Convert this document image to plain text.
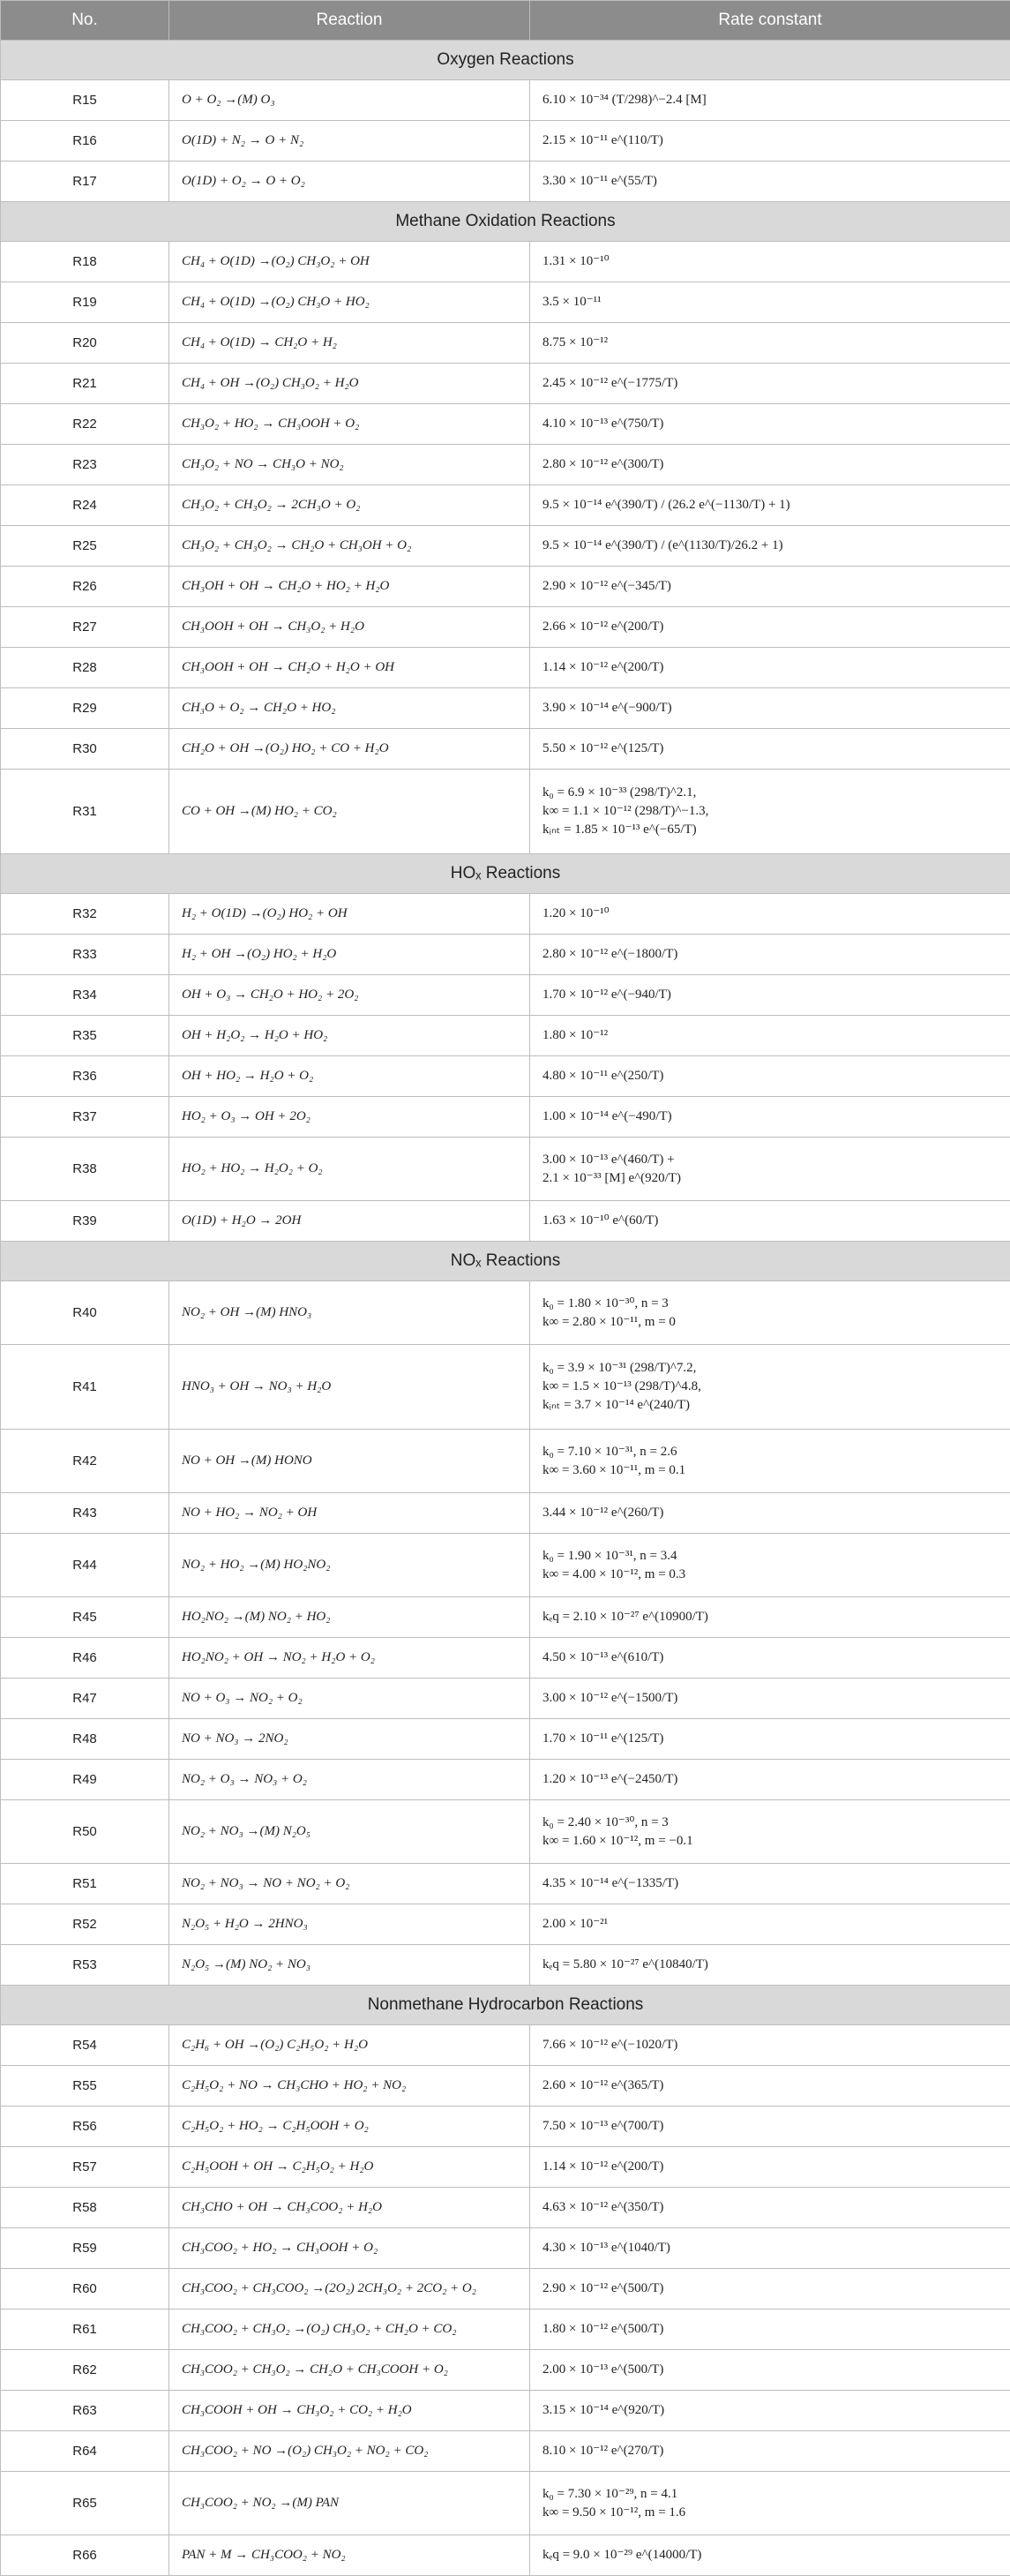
No.	Reaction	Rate constant
Oxygen Reactions		
R15	O + O₂ →(M) O₃	6.10 × 10⁻³⁴ (T/298)^−2.4 [M]

R16	O(1D) + N₂ → O + N₂	2.15 × 10⁻¹¹ e^(110/T)

R17	O(1D) + O₂ → O + O₂	3.30 × 10⁻¹¹ e^(55/T)

Methane Oxidation Reactions		
R18	CH₄ + O(1D) →(O₂) CH₃O₂ + OH	1.31 × 10⁻¹⁰

R19	CH₄ + O(1D) →(O₂) CH₃O + HO₂	3.5 × 10⁻¹¹

R20	CH₄ + O(1D) → CH₂O + H₂	8.75 × 10⁻¹²

R21	CH₄ + OH →(O₂) CH₃O₂ + H₂O	2.45 × 10⁻¹² e^(−1775/T)

R22	CH₃O₂ + HO₂ → CH₃OOH + O₂	4.10 × 10⁻¹³ e^(750/T)

R23	CH₃O₂ + NO → CH₃O + NO₂	2.80 × 10⁻¹² e^(300/T)

R24	CH₃O₂ + CH₃O₂ → 2CH₃O + O₂	9.5 × 10⁻¹⁴ e^(390/T) / (26.2 e^(−1130/T) + 1)

R25	CH₃O₂ + CH₃O₂ → CH₂O + CH₃OH + O₂	9.5 × 10⁻¹⁴ e^(390/T) / (e^(1130/T)/26.2 + 1)

R26	CH₃OH + OH → CH₂O + HO₂ + H₂O	2.90 × 10⁻¹² e^(−345/T)

R27	CH₃OOH + OH → CH₃O₂ + H₂O	2.66 × 10⁻¹² e^(200/T)

R28	CH₃OOH + OH → CH₂O + H₂O + OH	1.14 × 10⁻¹² e^(200/T)

R29	CH₃O + O₂ → CH₂O + HO₂	3.90 × 10⁻¹⁴ e^(−900/T)

R30	CH₂O + OH →(O₂) HO₂ + CO + H₂O	5.50 × 10⁻¹² e^(125/T)

R31	CO + OH →(M) HO₂ + CO₂	k₀ = 6.9 × 10⁻³³ (298/T)^2.1,
k∞ = 1.1 × 10⁻¹² (298/T)^−1.3,
kᵢₙₜ = 1.85 × 10⁻¹³ e^(−65/T)

HOₓ Reactions		
R32	H₂ + O(1D) →(O₂) HO₂ + OH	1.20 × 10⁻¹⁰

R33	H₂ + OH →(O₂) HO₂ + H₂O	2.80 × 10⁻¹² e^(−1800/T)

R34	OH + O₃ → CH₂O + HO₂ + 2O₂	1.70 × 10⁻¹² e^(−940/T)

R35	OH + H₂O₂ → H₂O + HO₂	1.80 × 10⁻¹²

R36	OH + HO₂ → H₂O + O₂	4.80 × 10⁻¹¹ e^(250/T)

R37	HO₂ + O₃ → OH + 2O₂	1.00 × 10⁻¹⁴ e^(−490/T)

R38	HO₂ + HO₂ → H₂O₂ + O₂	3.00 × 10⁻¹³ e^(460/T) +
2.1 × 10⁻³³ [M] e^(920/T)

R39	O(1D) + H₂O → 2OH	1.63 × 10⁻¹⁰ e^(60/T)

NOₓ Reactions		
R40	NO₂ + OH →(M) HNO₃	k₀ = 1.80 × 10⁻³⁰, n = 3
k∞ = 2.80 × 10⁻¹¹, m = 0

R41	HNO₃ + OH → NO₃ + H₂O	k₀ = 3.9 × 10⁻³¹ (298/T)^7.2,
k∞ = 1.5 × 10⁻¹³ (298/T)^4.8,
kᵢₙₜ = 3.7 × 10⁻¹⁴ e^(240/T)

R42	NO + OH →(M) HONO	k₀ = 7.10 × 10⁻³¹, n = 2.6
k∞ = 3.60 × 10⁻¹¹, m = 0.1

R43	NO + HO₂ → NO₂ + OH	3.44 × 10⁻¹² e^(260/T)

R44	NO₂ + HO₂ →(M) HO₂NO₂	k₀ = 1.90 × 10⁻³¹, n = 3.4
k∞ = 4.00 × 10⁻¹², m = 0.3

R45	HO₂NO₂ →(M) NO₂ + HO₂	kₑq = 2.10 × 10⁻²⁷ e^(10900/T)

R46	HO₂NO₂ + OH → NO₂ + H₂O + O₂	4.50 × 10⁻¹³ e^(610/T)

R47	NO + O₃ → NO₂ + O₂	3.00 × 10⁻¹² e^(−1500/T)

R48	NO + NO₃ → 2NO₂	1.70 × 10⁻¹¹ e^(125/T)

R49	NO₂ + O₃ → NO₃ + O₂	1.20 × 10⁻¹³ e^(−2450/T)

R50	NO₂ + NO₃ →(M) N₂O₅	k₀ = 2.40 × 10⁻³⁰, n = 3
k∞ = 1.60 × 10⁻¹², m = −0.1

R51	NO₂ + NO₃ → NO + NO₂ + O₂	4.35 × 10⁻¹⁴ e^(−1335/T)

R52	N₂O₅ + H₂O → 2HNO₃	2.00 × 10⁻²¹

R53	N₂O₅ →(M) NO₂ + NO₃	kₑq = 5.80 × 10⁻²⁷ e^(10840/T)

Nonmethane Hydrocarbon Reactions		
R54	C₂H₆ + OH →(O₂) C₂H₅O₂ + H₂O	7.66 × 10⁻¹² e^(−1020/T)

R55	C₂H₅O₂ + NO → CH₃CHO + HO₂ + NO₂	2.60 × 10⁻¹² e^(365/T)

R56	C₂H₅O₂ + HO₂ → C₂H₅OOH + O₂	7.50 × 10⁻¹³ e^(700/T)

R57	C₂H₅OOH + OH → C₂H₅O₂ + H₂O	1.14 × 10⁻¹² e^(200/T)

R58	CH₃CHO + OH → CH₃COO₂ + H₂O	4.63 × 10⁻¹² e^(350/T)

R59	CH₃COO₂ + HO₂ → CH₃OOH + O₂	4.30 × 10⁻¹³ e^(1040/T)

R60	CH₃COO₂ + CH₃COO₂ →(2O₂) 2CH₃O₂ + 2CO₂ + O₂	2.90 × 10⁻¹² e^(500/T)

R61	CH₃COO₂ + CH₃O₂ →(O₂) CH₃O₂ + CH₂O + CO₂	1.80 × 10⁻¹² e^(500/T)

R62	CH₃COO₂ + CH₃O₂ → CH₂O + CH₃COOH + O₂	2.00 × 10⁻¹³ e^(500/T)

R63	CH₃COOH + OH → CH₃O₂ + CO₂ + H₂O	3.15 × 10⁻¹⁴ e^(920/T)

R64	CH₃COO₂ + NO →(O₂) CH₃O₂ + NO₂ + CO₂	8.10 × 10⁻¹² e^(270/T)

R65	CH₃COO₂ + NO₂ →(M) PAN	k₀ = 7.30 × 10⁻²⁹, n = 4.1
k∞ = 9.50 × 10⁻¹², m = 1.6

R66	PAN + M → CH₃COO₂ + NO₂	kₑq = 9.0 × 10⁻²⁹ e^(14000/T)
